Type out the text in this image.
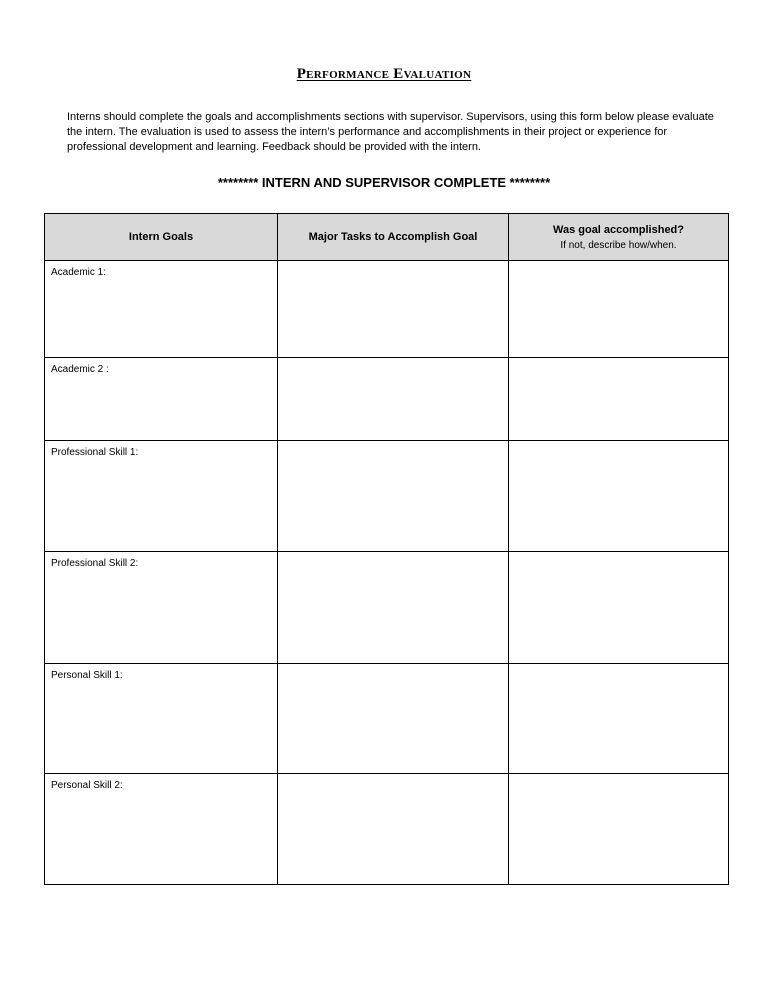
Performance Evaluation
Interns should complete the goals and accomplishments sections with supervisor. Supervisors, using this form below please evaluate the intern. The evaluation is used to assess the intern’s performance and accomplishments in their project or experience for professional development and learning. Feedback should be provided with the intern.
******** INTERN AND SUPERVISOR COMPLETE ********
Intern Goals	Major Tasks to Accomplish Goal	Was goal accomplished?
If not, describe how/when.

Academic 1:		

Academic 2 :		

Professional Skill 1:		

Professional Skill 2:		

Personal Skill 1:		

Personal Skill 2:		
